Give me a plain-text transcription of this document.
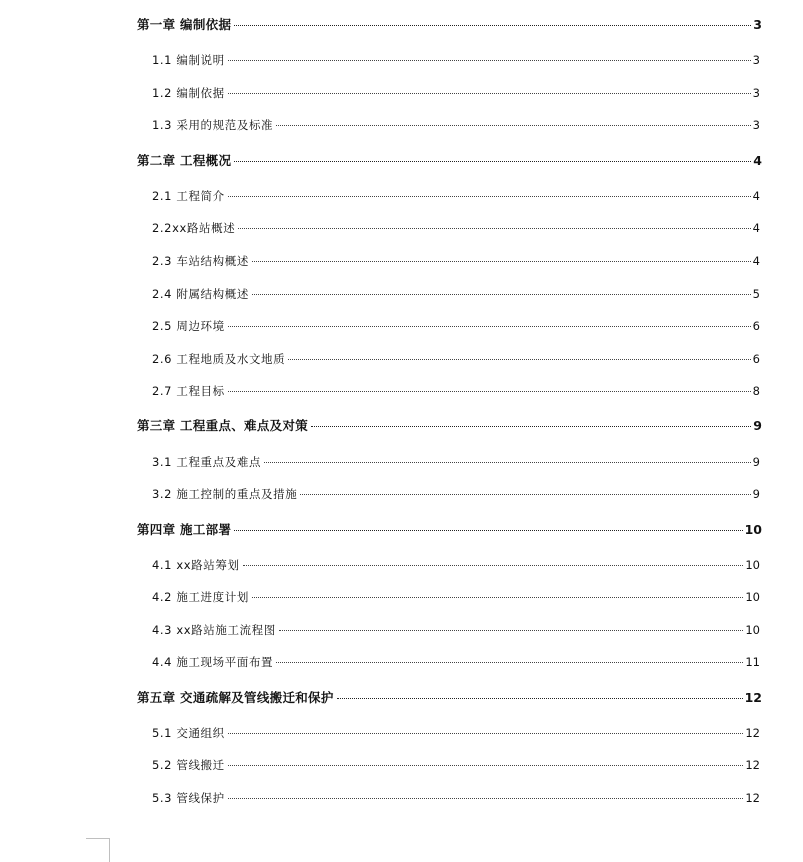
第一章 编制依据	3
1.1 编制说明	3
1.2 编制依据	3
1.3 采用的规范及标准	3
第二章 工程概况	4
2.1 工程简介	4
2.2xx路站概述	4
2.3 车站结构概述	4
2.4 附属结构概述	5
2.5 周边环境	6
2.6 工程地质及水文地质	6
2.7 工程目标	8
第三章 工程重点、难点及对策	9
3.1 工程重点及难点	9
3.2 施工控制的重点及措施	9
第四章 施工部署	10
4.1 xx路站筹划	10
4.2 施工进度计划	10
4.3 xx路站施工流程图	10
4.4 施工现场平面布置	11
第五章 交通疏解及管线搬迁和保护	12
5.1 交通组织	12
5.2 管线搬迁	12
5.3 管线保护	12
